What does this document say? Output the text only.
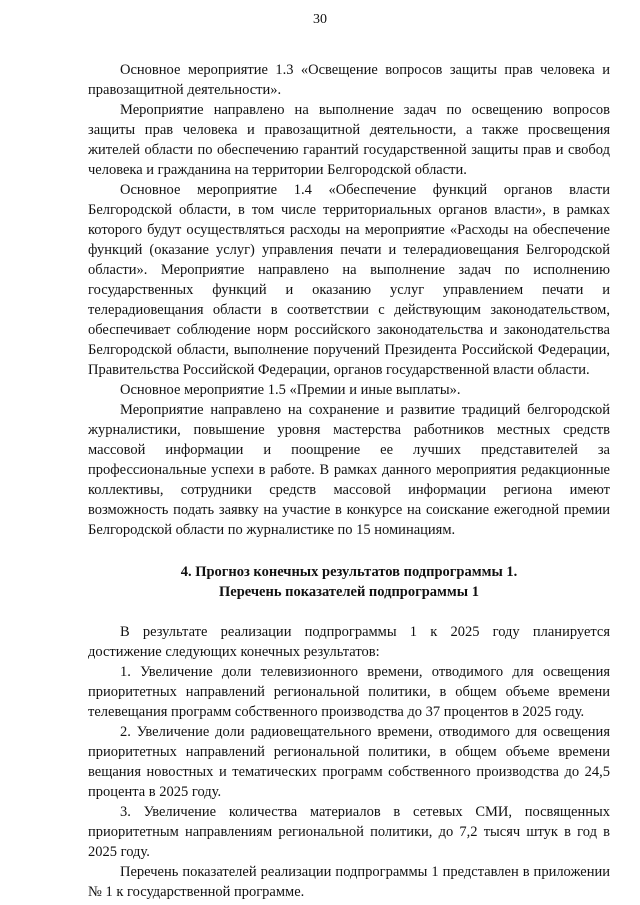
30

Основное мероприятие 1.3 «Освещение вопросов защиты прав человека и правозащитной деятельности».

Мероприятие направлено на выполнение задач по освещению вопросов защиты прав человека и правозащитной деятельности, а также просвещения жителей области по обеспечению гарантий государственной защиты прав и свобод человека и гражданина на территории Белгородской области.

Основное мероприятие 1.4 «Обеспечение функций органов власти Белгородской области, в том числе территориальных органов власти», в рамках которого будут осуществляться расходы на мероприятие «Расходы на обеспечение функций (оказание услуг) управления печати и телерадиовещания Белгородской области». Мероприятие направлено на выполнение задач по исполнению государственных функций и оказанию услуг управлением печати и телерадиовещания области в соответствии с действующим законодательством, обеспечивает соблюдение норм российского законодательства и законодательства Белгородской области, выполнение поручений Президента Российской Федерации, Правительства Российской Федерации, органов государственной власти области.

Основное мероприятие 1.5 «Премии и иные выплаты».

Мероприятие направлено на сохранение и развитие традиций белгородской журналистики, повышение уровня мастерства работников местных средств массовой информации и поощрение ее лучших представителей за профессиональные успехи в работе. В рамках данного мероприятия редакционные коллективы, сотрудники средств массовой информации региона имеют возможность подать заявку на участие в конкурсе на соискание ежегодной премии Белгородской области по журналистике по 15 номинациям.

4. Прогноз конечных результатов подпрограммы 1.
Перечень показателей подпрограммы 1

В результате реализации подпрограммы 1 к 2025 году планируется достижение следующих конечных результатов:

1. Увеличение доли телевизионного времени, отводимого для освещения приоритетных направлений региональной политики, в общем объеме времени телевещания программ собственного производства до 37 процентов в 2025 году.

2. Увеличение доли радиовещательного времени, отводимого для освещения приоритетных направлений региональной политики, в общем объеме времени вещания новостных и тематических программ собственного производства до 24,5 процента в 2025 году.

3. Увеличение количества материалов в сетевых СМИ, посвященных приоритетным направлениям региональной политики, до 7,2 тысяч штук в год в 2025 году.

Перечень показателей реализации подпрограммы 1 представлен в приложении № 1 к государственной программе.
